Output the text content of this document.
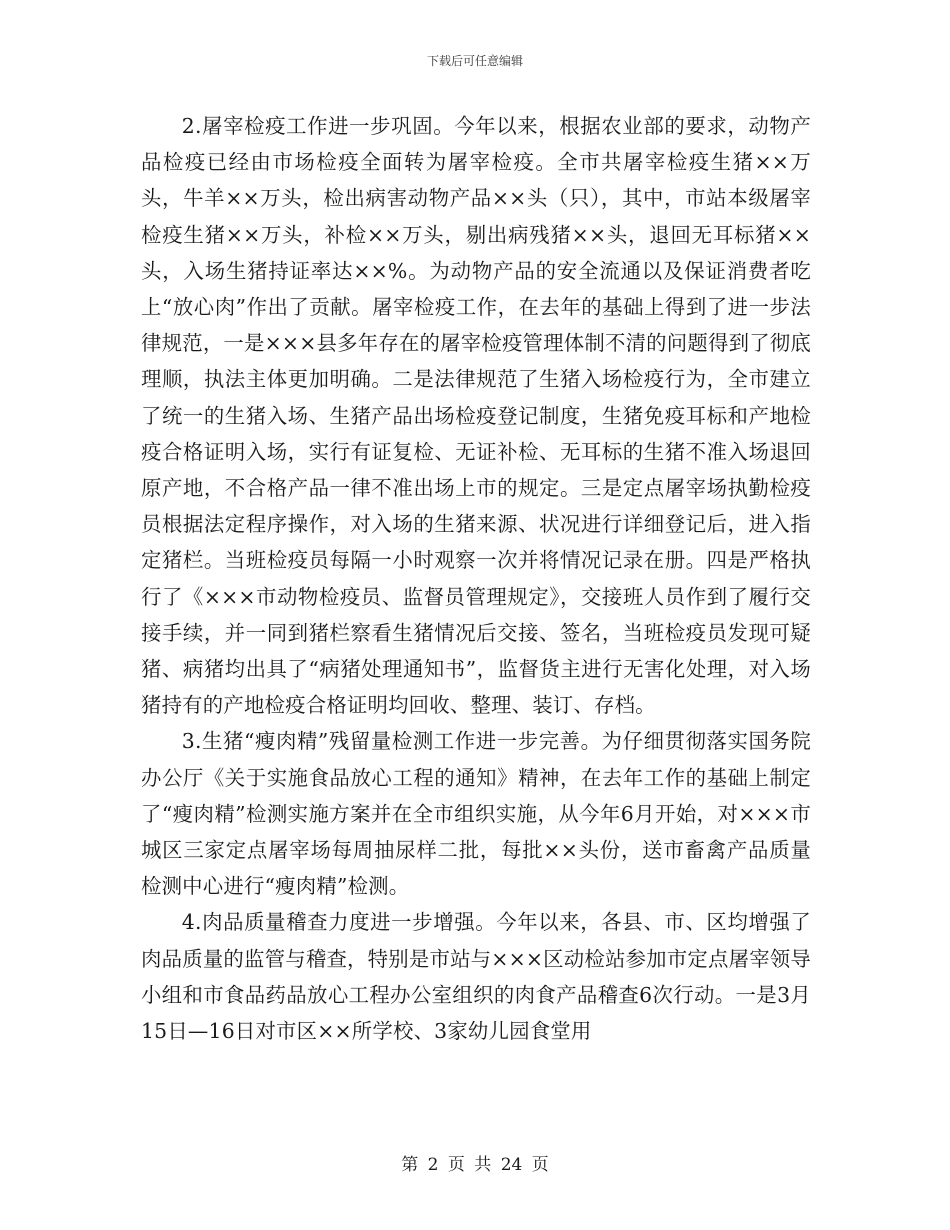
下载后可任意编辑

2.屠宰检疫工作进一步巩固。今年以来，根据农业部的要求，动物产品检疫已经由市场检疫全面转为屠宰检疫。全市共屠宰检疫生猪××万头，牛羊××万头，检出病害动物产品××头（只），其中，市站本级屠宰检疫生猪××万头，补检××万头，剔出病残猪××头，退回无耳标猪××头，入场生猪持证率达××%。为动物产品的安全流通以及保证消费者吃上“放心肉”作出了贡献。屠宰检疫工作，在去年的基础上得到了进一步法律规范，一是×××县多年存在的屠宰检疫管理体制不清的问题得到了彻底理顺，执法主体更加明确。二是法律规范了生猪入场检疫行为，全市建立了统一的生猪入场、生猪产品出场检疫登记制度，生猪免疫耳标和产地检疫合格证明入场，实行有证复检、无证补检、无耳标的生猪不准入场退回原产地，不合格产品一律不准出场上市的规定。三是定点屠宰场执勤检疫员根据法定程序操作，对入场的生猪来源、状况进行详细登记后，进入指定猪栏。当班检疫员每隔一小时观察一次并将情况记录在册。四是严格执行了《×××市动物检疫员、监督员管理规定》，交接班人员作到了履行交接手续，并一同到猪栏察看生猪情况后交接、签名，当班检疫员发现可疑猪、病猪均出具了“病猪处理通知书”，监督货主进行无害化处理，对入场猪持有的产地检疫合格证明均回收、整理、装订、存档。

3.生猪“瘦肉精”残留量检测工作进一步完善。为仔细贯彻落实国务院办公厅《关于实施食品放心工程的通知》精神，在去年工作的基础上制定了“瘦肉精”检测实施方案并在全市组织实施，从今年6月开始，对×××市城区三家定点屠宰场每周抽尿样二批，每批××头份，送市畜禽产品质量检测中心进行“瘦肉精”检测。

4.肉品质量稽查力度进一步增强。今年以来，各县、市、区均增强了肉品质量的监管与稽查，特别是市站与×××区动检站参加市定点屠宰领导小组和市食品药品放心工程办公室组织的肉食产品稽查6次行动。一是3月15日—16日对市区××所学校、3家幼儿园食堂用

第 2 页 共 24 页
